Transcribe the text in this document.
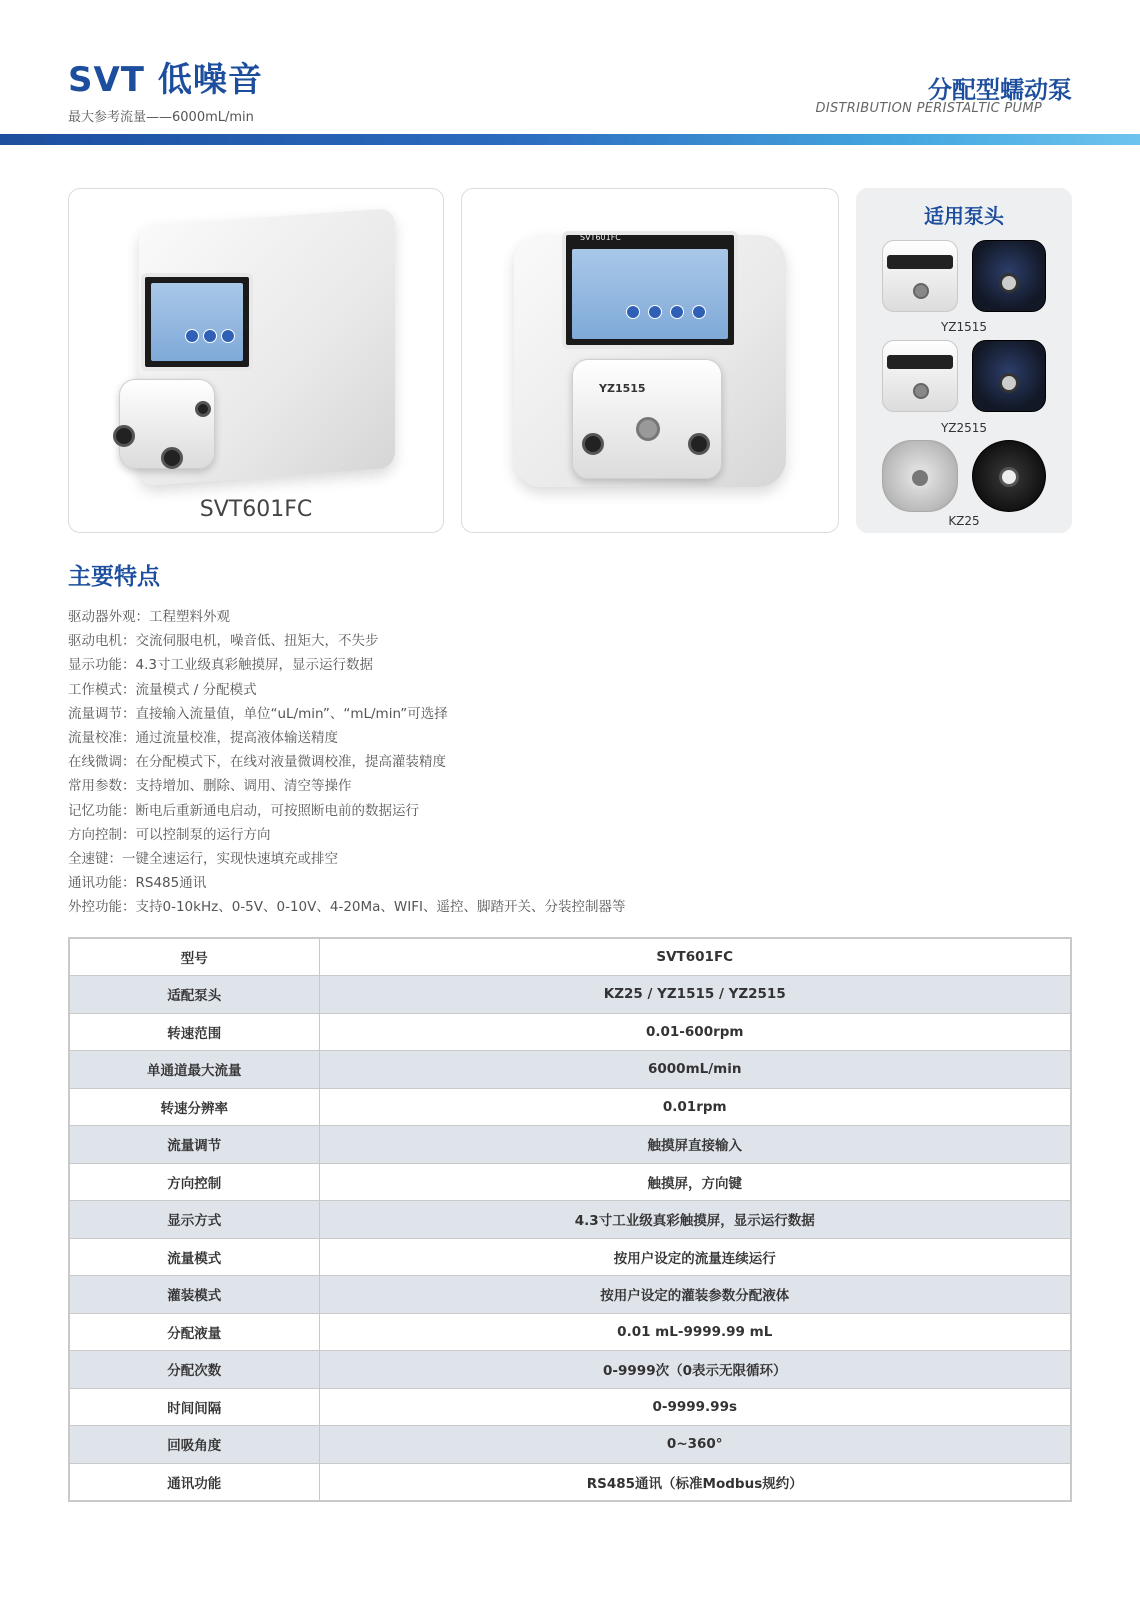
SVT 低噪音
最大参考流量——6000mL/min
分配型蠕动泵
DISTRIBUTION PERISTALTIC PUMP
SVT601FC
SVT601FC
YZ1515
适用泵头
YZ1515
YZ2515
KZ25
主要特点
驱动器外观：工程塑料外观
驱动电机：交流伺服电机，噪音低、扭矩大，不失步
显示功能：4.3寸工业级真彩触摸屏，显示运行数据
工作模式：流量模式 / 分配模式
流量调节：直接输入流量值，单位“uL/min”、“mL/min”可选择
流量校准：通过流量校准，提高液体输送精度
在线微调：在分配模式下，在线对液量微调校准，提高灌装精度
常用参数：支持增加、删除、调用、清空等操作
记忆功能：断电后重新通电启动，可按照断电前的数据运行
方向控制：可以控制泵的运行方向
全速键：一键全速运行，实现快速填充或排空
通讯功能：RS485通讯
外控功能：支持0-10kHz、0-5V、0-10V、4-20Ma、WIFI、遥控、脚踏开关、分装控制器等
型号	SVT601FC
适配泵头	KZ25 / YZ1515 / YZ2515
转速范围	0.01-600rpm
单通道最大流量	6000mL/min
转速分辨率	0.01rpm
流量调节	触摸屏直接输入
方向控制	触摸屏，方向键
显示方式	4.3寸工业级真彩触摸屏，显示运行数据
流量模式	按用户设定的流量连续运行
灌装模式	按用户设定的灌装参数分配液体
分配液量	0.01 mL-9999.99 mL
分配次数	0-9999次（0表示无限循环）
时间间隔	0-9999.99s
回吸角度	0~360°
通讯功能	RS485通讯（标准Modbus规约）
